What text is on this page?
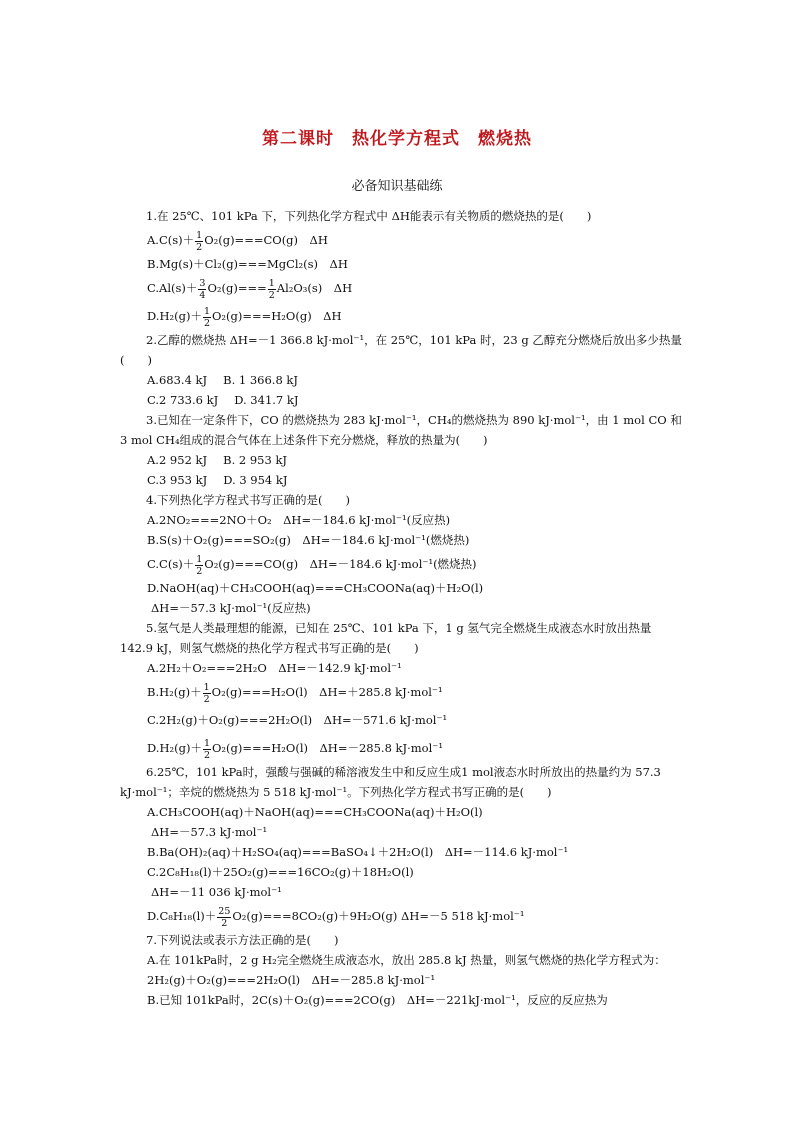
第二课时　热化学方程式　燃烧热
必备知识基础练
1.在 25℃、101 kPa 下，下列热化学方程式中 ΔH能表示有关物质的燃烧热的是(　　)
$A.C(s)+ \frac{1}{2} O_2(g)===CO(g)$　ΔH
B.Mg(s)＋Cl₂(g)===MgCl₂(s)　ΔH
$C.Al(s)+ \frac{3}{4} O_2(g)=== \frac{1}{2} Al_2O_3(s)$　ΔH
$D.H_2(g)+ \frac{1}{2} O_2(g)===H_2O(g)$　ΔH
2.乙醇的燃烧热 ΔH=－1 366.8 kJ·mol⁻¹，在 25℃，101 kPa 时，23 g 乙醇充分燃烧后放出多少热量(　　)
A.683.4 kJ B. 1 366.8 kJ
C.2 733.6 kJ D. 341.7 kJ
3.已知在一定条件下，CO 的燃烧热为 283 kJ·mol⁻¹，CH₄的燃烧热为 890 kJ·mol⁻¹，由 1 mol CO 和 3 mol CH₄组成的混合气体在上述条件下充分燃烧，释放的热量为(　　)
A.2 952 kJ B. 2 953 kJ
C.3 953 kJ D. 3 954 kJ
4.下列热化学方程式书写正确的是(　　)
A.2NO₂===2NO＋O₂　ΔH=－184.6 kJ·mol⁻¹(反应热)
B.S(s)＋O₂(g)===SO₂(g)　ΔH=－184.6 kJ·mol⁻¹(燃烧热)
$C.C(s)+ \frac{1}{2} O_2(g)===CO(g)$　ΔH=－184.6 kJ·mol⁻¹(燃烧热)
D.NaOH(aq)＋CH₃COOH(aq)===CH₃COONa(aq)＋H₂O(l)
ΔH=－57.3 kJ·mol⁻¹(反应热)
5.氢气是人类最理想的能源，已知在 25℃、101 kPa 下，1 g 氢气完全燃烧生成液态水时放出热量 142.9 kJ，则氢气燃烧的热化学方程式书写正确的是(　　)
A.2H₂＋O₂===2H₂O　ΔH=－142.9 kJ·mol⁻¹
$B.H_2(g)+ \frac{1}{2} O_2(g)===H_2O(l)$　ΔH=＋285.8 kJ·mol⁻¹
C.2H₂(g)＋O₂(g)===2H₂O(l)　ΔH=－571.6 kJ·mol⁻¹
$D.H_2(g)+ \frac{1}{2} O_2(g)===H_2O(l)$　ΔH=－285.8 kJ·mol⁻¹
6.25℃，101 kPa时，强酸与强碱的稀溶液发生中和反应生成1 mol液态水时所放出的热量约为 57.3 kJ·mol⁻¹；辛烷的燃烧热为 5 518 kJ·mol⁻¹。下列热化学方程式书写正确的是(　　)
A.CH₃COOH(aq)＋NaOH(aq)===CH₃COONa(aq)＋H₂O(l)
ΔH=－57.3 kJ·mol⁻¹
B.Ba(OH)₂(aq)＋H₂SO₄(aq)===BaSO₄↓＋2H₂O(l)　ΔH=－114.6 kJ·mol⁻¹
C.2C₈H₁₈(l)＋25O₂(g)===16CO₂(g)＋18H₂O(l)
ΔH=－11 036 kJ·mol⁻¹
$D.C_8H_{18}(l)+ \frac{25}{2} O_2(g)===8CO_2(g)+9H_2O(g)$ ΔH=－5 518 kJ·mol⁻¹
7.下列说法或表示方法正确的是(　　)
A.在 101kPa时，2 g H₂完全燃烧生成液态水，放出 285.8 kJ 热量，则氢气燃烧的热化学方程式为：2H₂(g)＋O₂(g)===2H₂O(l)　ΔH=－285.8 kJ·mol⁻¹
B.已知 101kPa时，2C(s)＋O₂(g)===2CO(g)　ΔH=－221kJ·mol⁻¹，反应的反应热为
